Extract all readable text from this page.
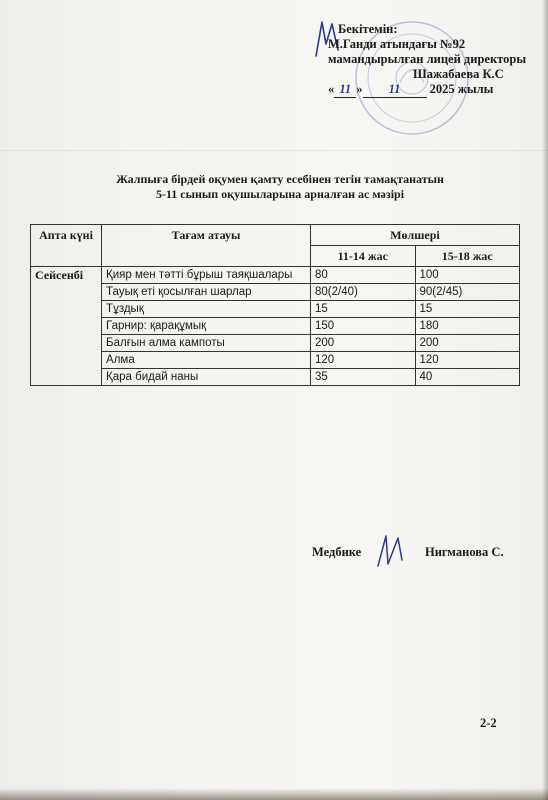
Бекітемін:
М.Ганди атындағы №92
мамандырылған лицей директоры
Шажабаева К.С
« 11 » 11 2025 жылы
Жалпыға бірдей оқумен қамту есебінен тегін тамақтанатын
5-11 сынып оқушыларына арналған ас мәзірі
Апта күні	Тағам атауы	Мөлшері	
		11-14 жас	15-18 жас
Сейсенбі	Қияр мен тәтті бұрыш таяқшалары	80	100
	Тауық еті қосылған шарлар	80(2/40)	90(2/45)
	Тұздық	15	15
	Гарнир: қарақұмық	150	180
	Балғын алма кампоты	200	200
	Алма	120	120
	Қара бидай наны	35	40
Медбике	Нигманова С.
2-2
